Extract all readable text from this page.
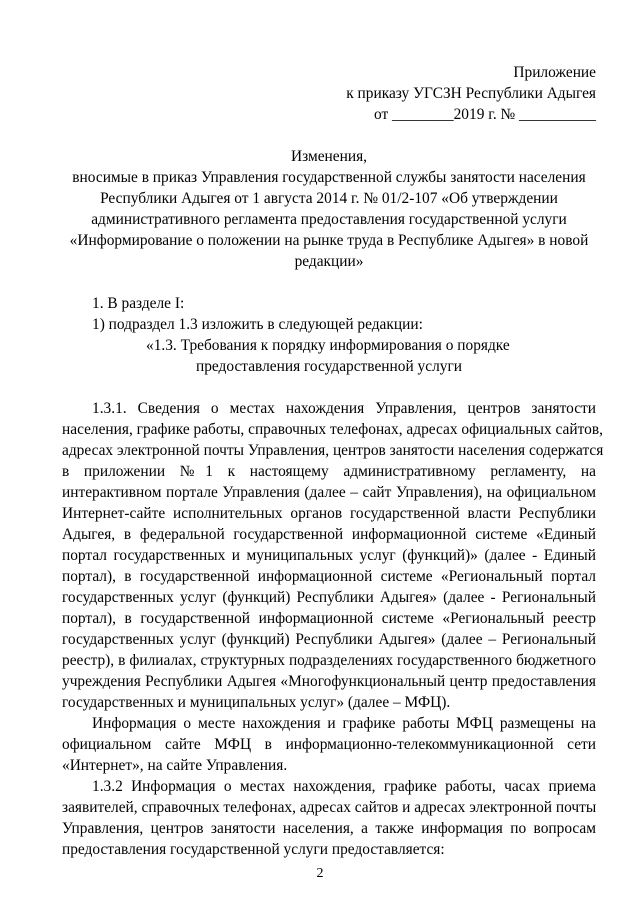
Приложение
к приказу УГСЗН Республики Адыгея
от ________2019 г. № __________
Изменения,
вносимые в приказ Управления государственной службы занятости населения
Республики Адыгея от 1 августа 2014 г. № 01/2-107 «Об утверждении
административного регламента предоставления государственной услуги
«Информирование о положении на рынке труда в Республике Адыгея» в новой
редакции»
1. В разделе I:
1) подраздел 1.3 изложить в следующей редакции:
«1.3. Требования к порядку информирования о порядке
предоставления государственной услуги
1.3.1. Сведения о местах нахождения Управления, центров занятости
населения, графике работы, справочных телефонах, адресах официальных сайтов,
адресах электронной почты Управления, центров занятости населения содержатся
в приложении №1 к настоящему административному регламенту, на
интерактивном портале Управления (далее – сайт Управления), на официальном
Интернет-сайте исполнительных органов государственной власти Республики
Адыгея, в федеральной государственной информационной системе «Единый
портал государственных и муниципальных услуг (функций)» (далее - Единый
портал), в государственной информационной системе «Региональный портал
государственных услуг (функций) Республики Адыгея» (далее - Региональный
портал), в государственной информационной системе «Региональный реестр
государственных услуг (функций) Республики Адыгея» (далее – Региональный
реестр), в филиалах, структурных подразделениях государственного бюджетного
учреждения Республики Адыгея «Многофункциональный центр предоставления
государственных и муниципальных услуг» (далее – МФЦ).
Информация о месте нахождения и графике работы МФЦ размещены на
официальном сайте МФЦ в информационно-телекоммуникационной сети
«Интернет», на сайте Управления.
1.3.2 Информация о местах нахождения, графике работы, часах приема
заявителей, справочных телефонах, адресах сайтов и адресах электронной почты
Управления, центров занятости населения, а также информация по вопросам
предоставления государственной услуги предоставляется:
2
